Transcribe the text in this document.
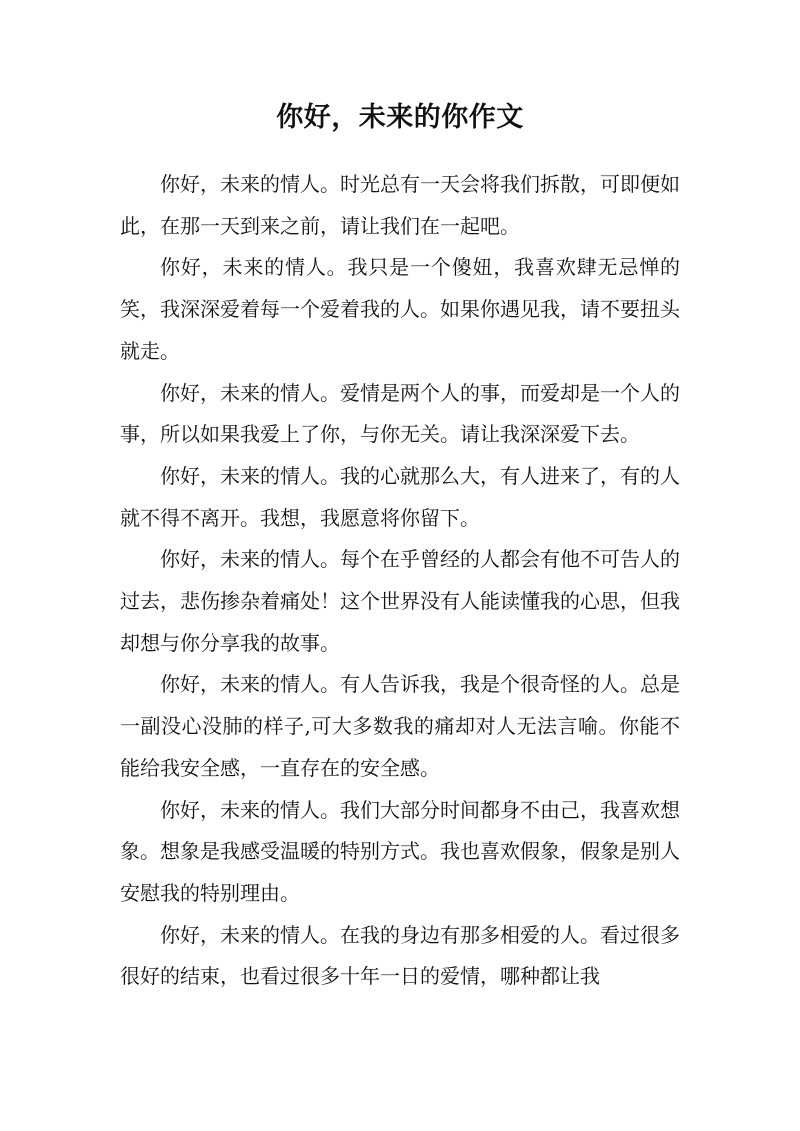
你好，未来的你作文

你好，未来的情人。时光总有一天会将我们拆散，可即便如此，在那一天到来之前，请让我们在一起吧。

你好，未来的情人。我只是一个傻妞，我喜欢肆无忌惮的笑，我深深爱着每一个爱着我的人。如果你遇见我，请不要扭头就走。

你好，未来的情人。爱情是两个人的事，而爱却是一个人的事，所以如果我爱上了你，与你无关。请让我深深爱下去。

你好，未来的情人。我的心就那么大，有人进来了，有的人就不得不离开。我想，我愿意将你留下。

你好，未来的情人。每个在乎曾经的人都会有他不可告人的过去，悲伤掺杂着痛处！这个世界没有人能读懂我的心思，但我却想与你分享我的故事。

你好，未来的情人。有人告诉我，我是个很奇怪的人。总是一副没心没肺的样子,可大多数我的痛却对人无法言喻。你能不能给我安全感，一直存在的安全感。

你好，未来的情人。我们大部分时间都身不由己，我喜欢想象。想象是我感受温暖的特别方式。我也喜欢假象，假象是别人安慰我的特别理由。

你好，未来的情人。在我的身边有那多相爱的人。看过很多很好的结束，也看过很多十年一日的爱情，哪种都让我
